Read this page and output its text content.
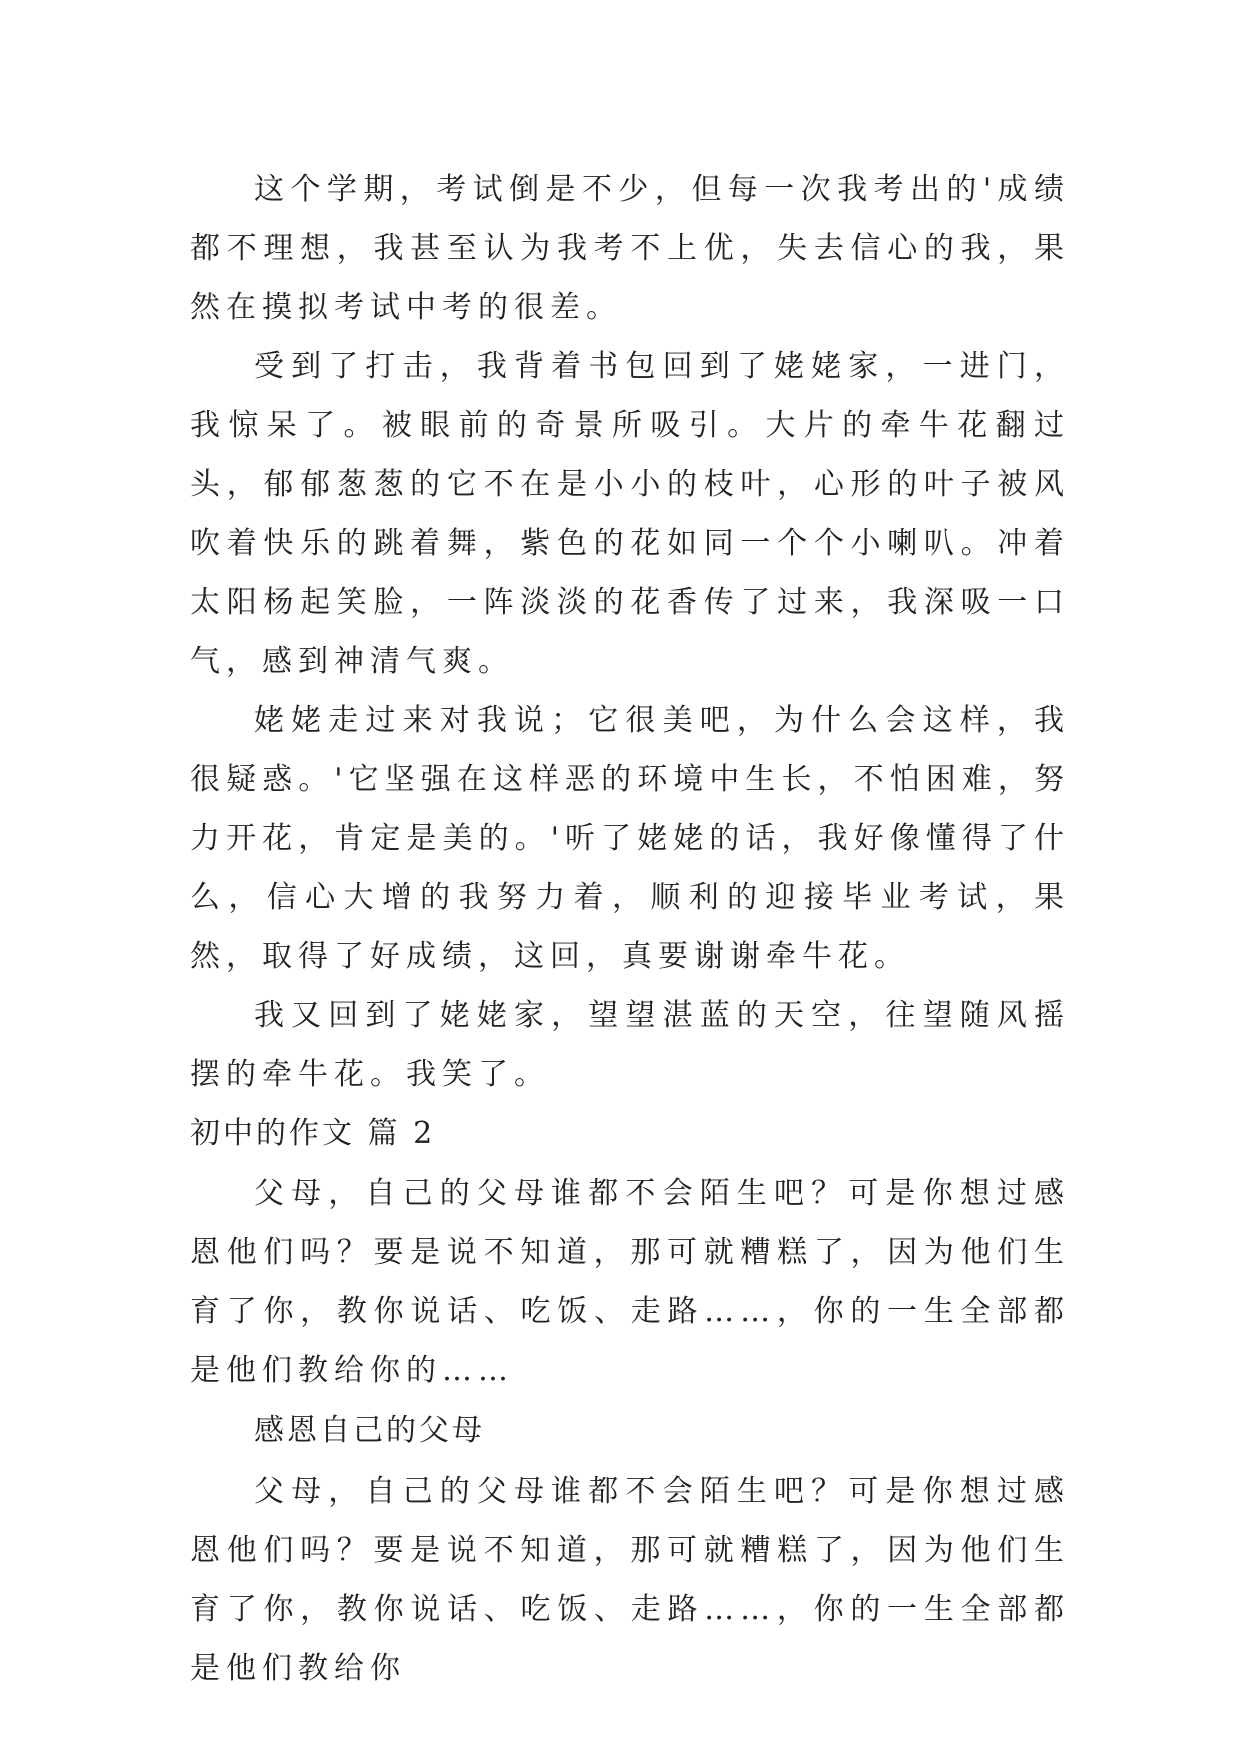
这个学期，考试倒是不少，但每一次我考出的'成绩都不理想，我甚至认为我考不上优，失去信心的我，果然在摸拟考试中考的很差。

受到了打击，我背着书包回到了姥姥家，一进门，我惊呆了。被眼前的奇景所吸引。大片的牵牛花翻过头，郁郁葱葱的它不在是小小的枝叶，心形的叶子被风吹着快乐的跳着舞，紫色的花如同一个个小喇叭。冲着太阳杨起笑脸，一阵淡淡的花香传了过来，我深吸一口气，感到神清气爽。

姥姥走过来对我说；它很美吧，为什么会这样，我很疑惑。'它坚强在这样恶的环境中生长，不怕困难，努力开花，肯定是美的。'听了姥姥的话，我好像懂得了什么，信心大增的我努力着，顺利的迎接毕业考试，果然，取得了好成绩，这回，真要谢谢牵牛花。

我又回到了姥姥家，望望湛蓝的天空，往望随风摇摆的牵牛花。我笑了。

初中的作文 篇 2

父母，自己的父母谁都不会陌生吧？可是你想过感恩他们吗？要是说不知道，那可就糟糕了，因为他们生育了你，教你说话、吃饭、走路……，你的一生全部都是他们教给你的……

感恩自己的父母

父母，自己的父母谁都不会陌生吧？可是你想过感恩他们吗？要是说不知道，那可就糟糕了，因为他们生育了你，教你说话、吃饭、走路……，你的一生全部都是他们教给你
